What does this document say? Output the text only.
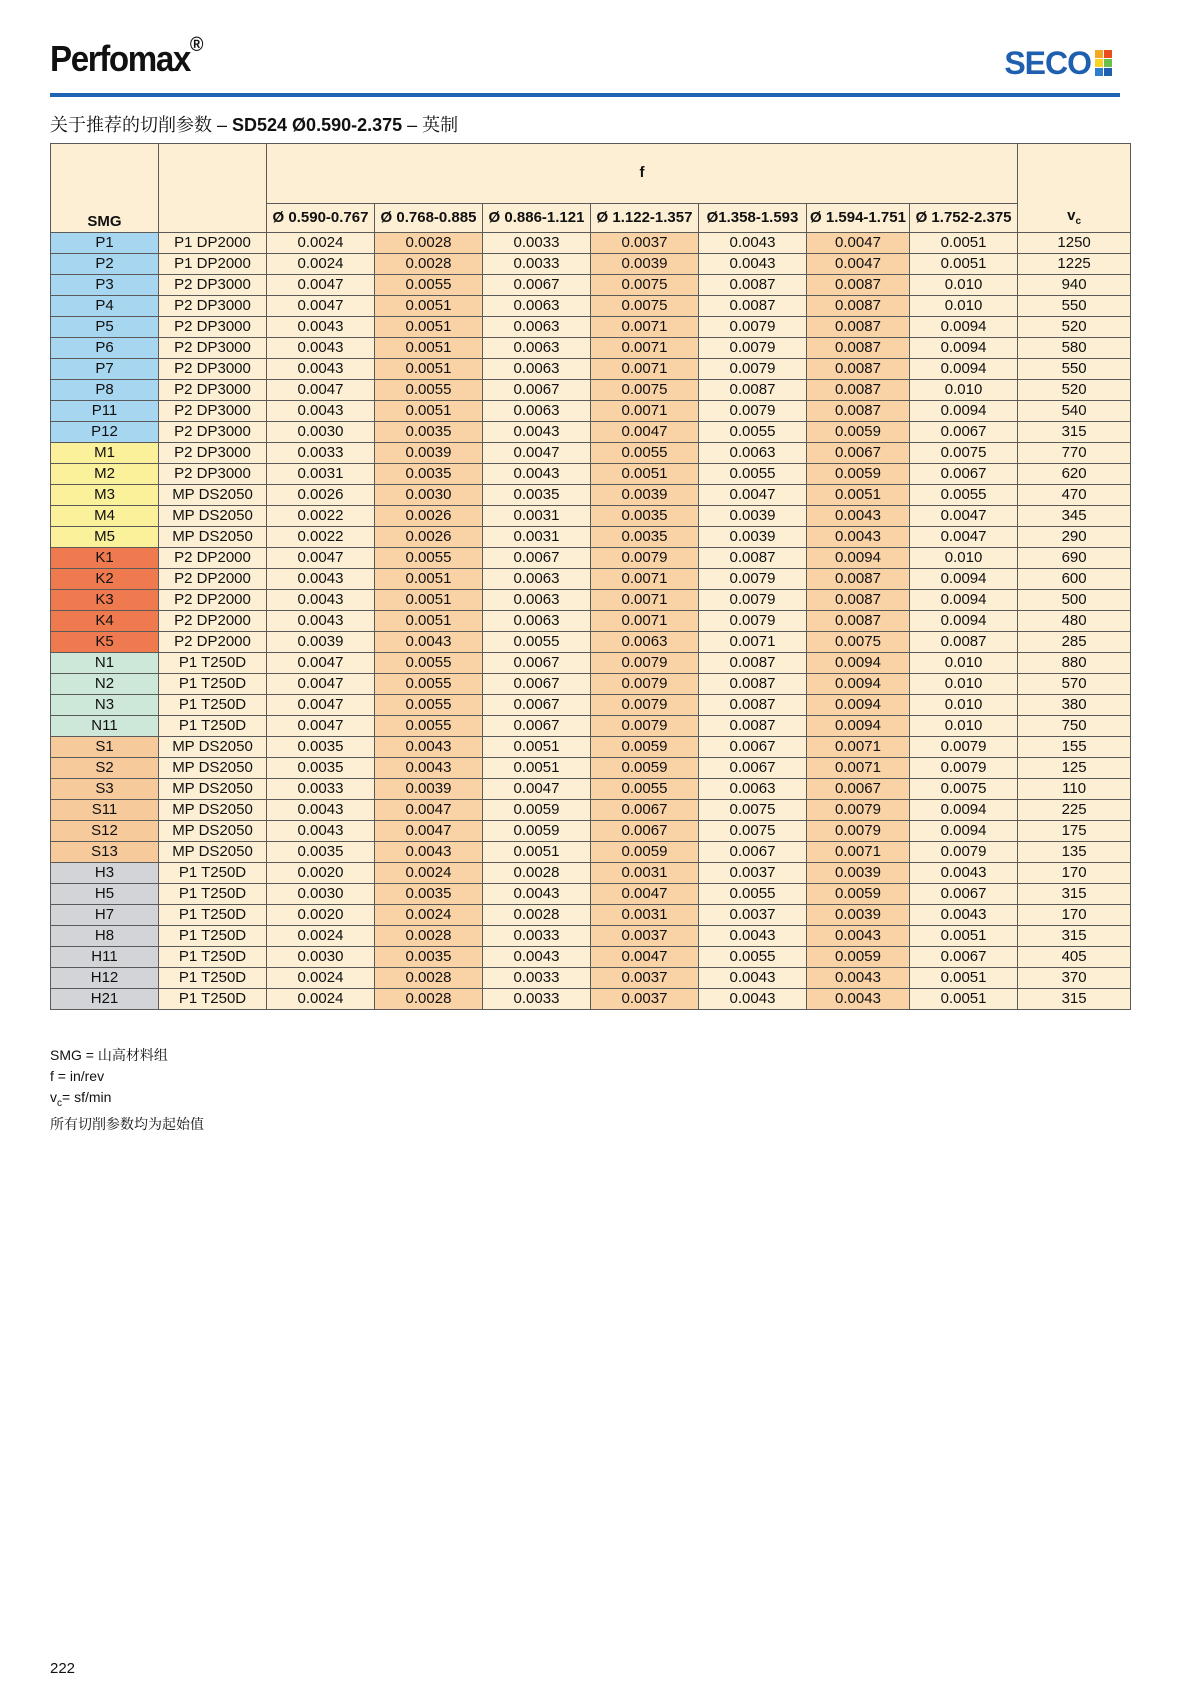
Perfomax®	SECO
关于推荐的切削参数 – SD524 Ø0.590-2.375 – 英制
SMG		f							$v_c$
		Ø 0.590-0.767	Ø 0.768-0.885	Ø 0.886-1.121	Ø 1.122-1.357	Ø1.358-1.593	Ø 1.594-1.751	Ø 1.752-2.375	
P1	P1 DP2000	0.0024	0.0028	0.0033	0.0037	0.0043	0.0047	0.0051	1250
P2	P1 DP2000	0.0024	0.0028	0.0033	0.0039	0.0043	0.0047	0.0051	1225
P3	P2 DP3000	0.0047	0.0055	0.0067	0.0075	0.0087	0.0087	0.010	940
P4	P2 DP3000	0.0047	0.0051	0.0063	0.0075	0.0087	0.0087	0.010	550
P5	P2 DP3000	0.0043	0.0051	0.0063	0.0071	0.0079	0.0087	0.0094	520
P6	P2 DP3000	0.0043	0.0051	0.0063	0.0071	0.0079	0.0087	0.0094	580
P7	P2 DP3000	0.0043	0.0051	0.0063	0.0071	0.0079	0.0087	0.0094	550
P8	P2 DP3000	0.0047	0.0055	0.0067	0.0075	0.0087	0.0087	0.010	520
P11	P2 DP3000	0.0043	0.0051	0.0063	0.0071	0.0079	0.0087	0.0094	540
P12	P2 DP3000	0.0030	0.0035	0.0043	0.0047	0.0055	0.0059	0.0067	315
M1	P2 DP3000	0.0033	0.0039	0.0047	0.0055	0.0063	0.0067	0.0075	770
M2	P2 DP3000	0.0031	0.0035	0.0043	0.0051	0.0055	0.0059	0.0067	620
M3	MP DS2050	0.0026	0.0030	0.0035	0.0039	0.0047	0.0051	0.0055	470
M4	MP DS2050	0.0022	0.0026	0.0031	0.0035	0.0039	0.0043	0.0047	345
M5	MP DS2050	0.0022	0.0026	0.0031	0.0035	0.0039	0.0043	0.0047	290
K1	P2 DP2000	0.0047	0.0055	0.0067	0.0079	0.0087	0.0094	0.010	690
K2	P2 DP2000	0.0043	0.0051	0.0063	0.0071	0.0079	0.0087	0.0094	600
K3	P2 DP2000	0.0043	0.0051	0.0063	0.0071	0.0079	0.0087	0.0094	500
K4	P2 DP2000	0.0043	0.0051	0.0063	0.0071	0.0079	0.0087	0.0094	480
K5	P2 DP2000	0.0039	0.0043	0.0055	0.0063	0.0071	0.0075	0.0087	285
N1	P1 T250D	0.0047	0.0055	0.0067	0.0079	0.0087	0.0094	0.010	880
N2	P1 T250D	0.0047	0.0055	0.0067	0.0079	0.0087	0.0094	0.010	570
N3	P1 T250D	0.0047	0.0055	0.0067	0.0079	0.0087	0.0094	0.010	380
N11	P1 T250D	0.0047	0.0055	0.0067	0.0079	0.0087	0.0094	0.010	750
S1	MP DS2050	0.0035	0.0043	0.0051	0.0059	0.0067	0.0071	0.0079	155
S2	MP DS2050	0.0035	0.0043	0.0051	0.0059	0.0067	0.0071	0.0079	125
S3	MP DS2050	0.0033	0.0039	0.0047	0.0055	0.0063	0.0067	0.0075	110
S11	MP DS2050	0.0043	0.0047	0.0059	0.0067	0.0075	0.0079	0.0094	225
S12	MP DS2050	0.0043	0.0047	0.0059	0.0067	0.0075	0.0079	0.0094	175
S13	MP DS2050	0.0035	0.0043	0.0051	0.0059	0.0067	0.0071	0.0079	135
H3	P1 T250D	0.0020	0.0024	0.0028	0.0031	0.0037	0.0039	0.0043	170
H5	P1 T250D	0.0030	0.0035	0.0043	0.0047	0.0055	0.0059	0.0067	315
H7	P1 T250D	0.0020	0.0024	0.0028	0.0031	0.0037	0.0039	0.0043	170
H8	P1 T250D	0.0024	0.0028	0.0033	0.0037	0.0043	0.0043	0.0051	315
H11	P1 T250D	0.0030	0.0035	0.0043	0.0047	0.0055	0.0059	0.0067	405
H12	P1 T250D	0.0024	0.0028	0.0033	0.0037	0.0043	0.0043	0.0051	370
H21	P1 T250D	0.0024	0.0028	0.0033	0.0037	0.0043	0.0043	0.0051	315
SMG = 山高材料组
f = in/rev
$v_c= sf/\min$
所有切削参数均为起始值
222
